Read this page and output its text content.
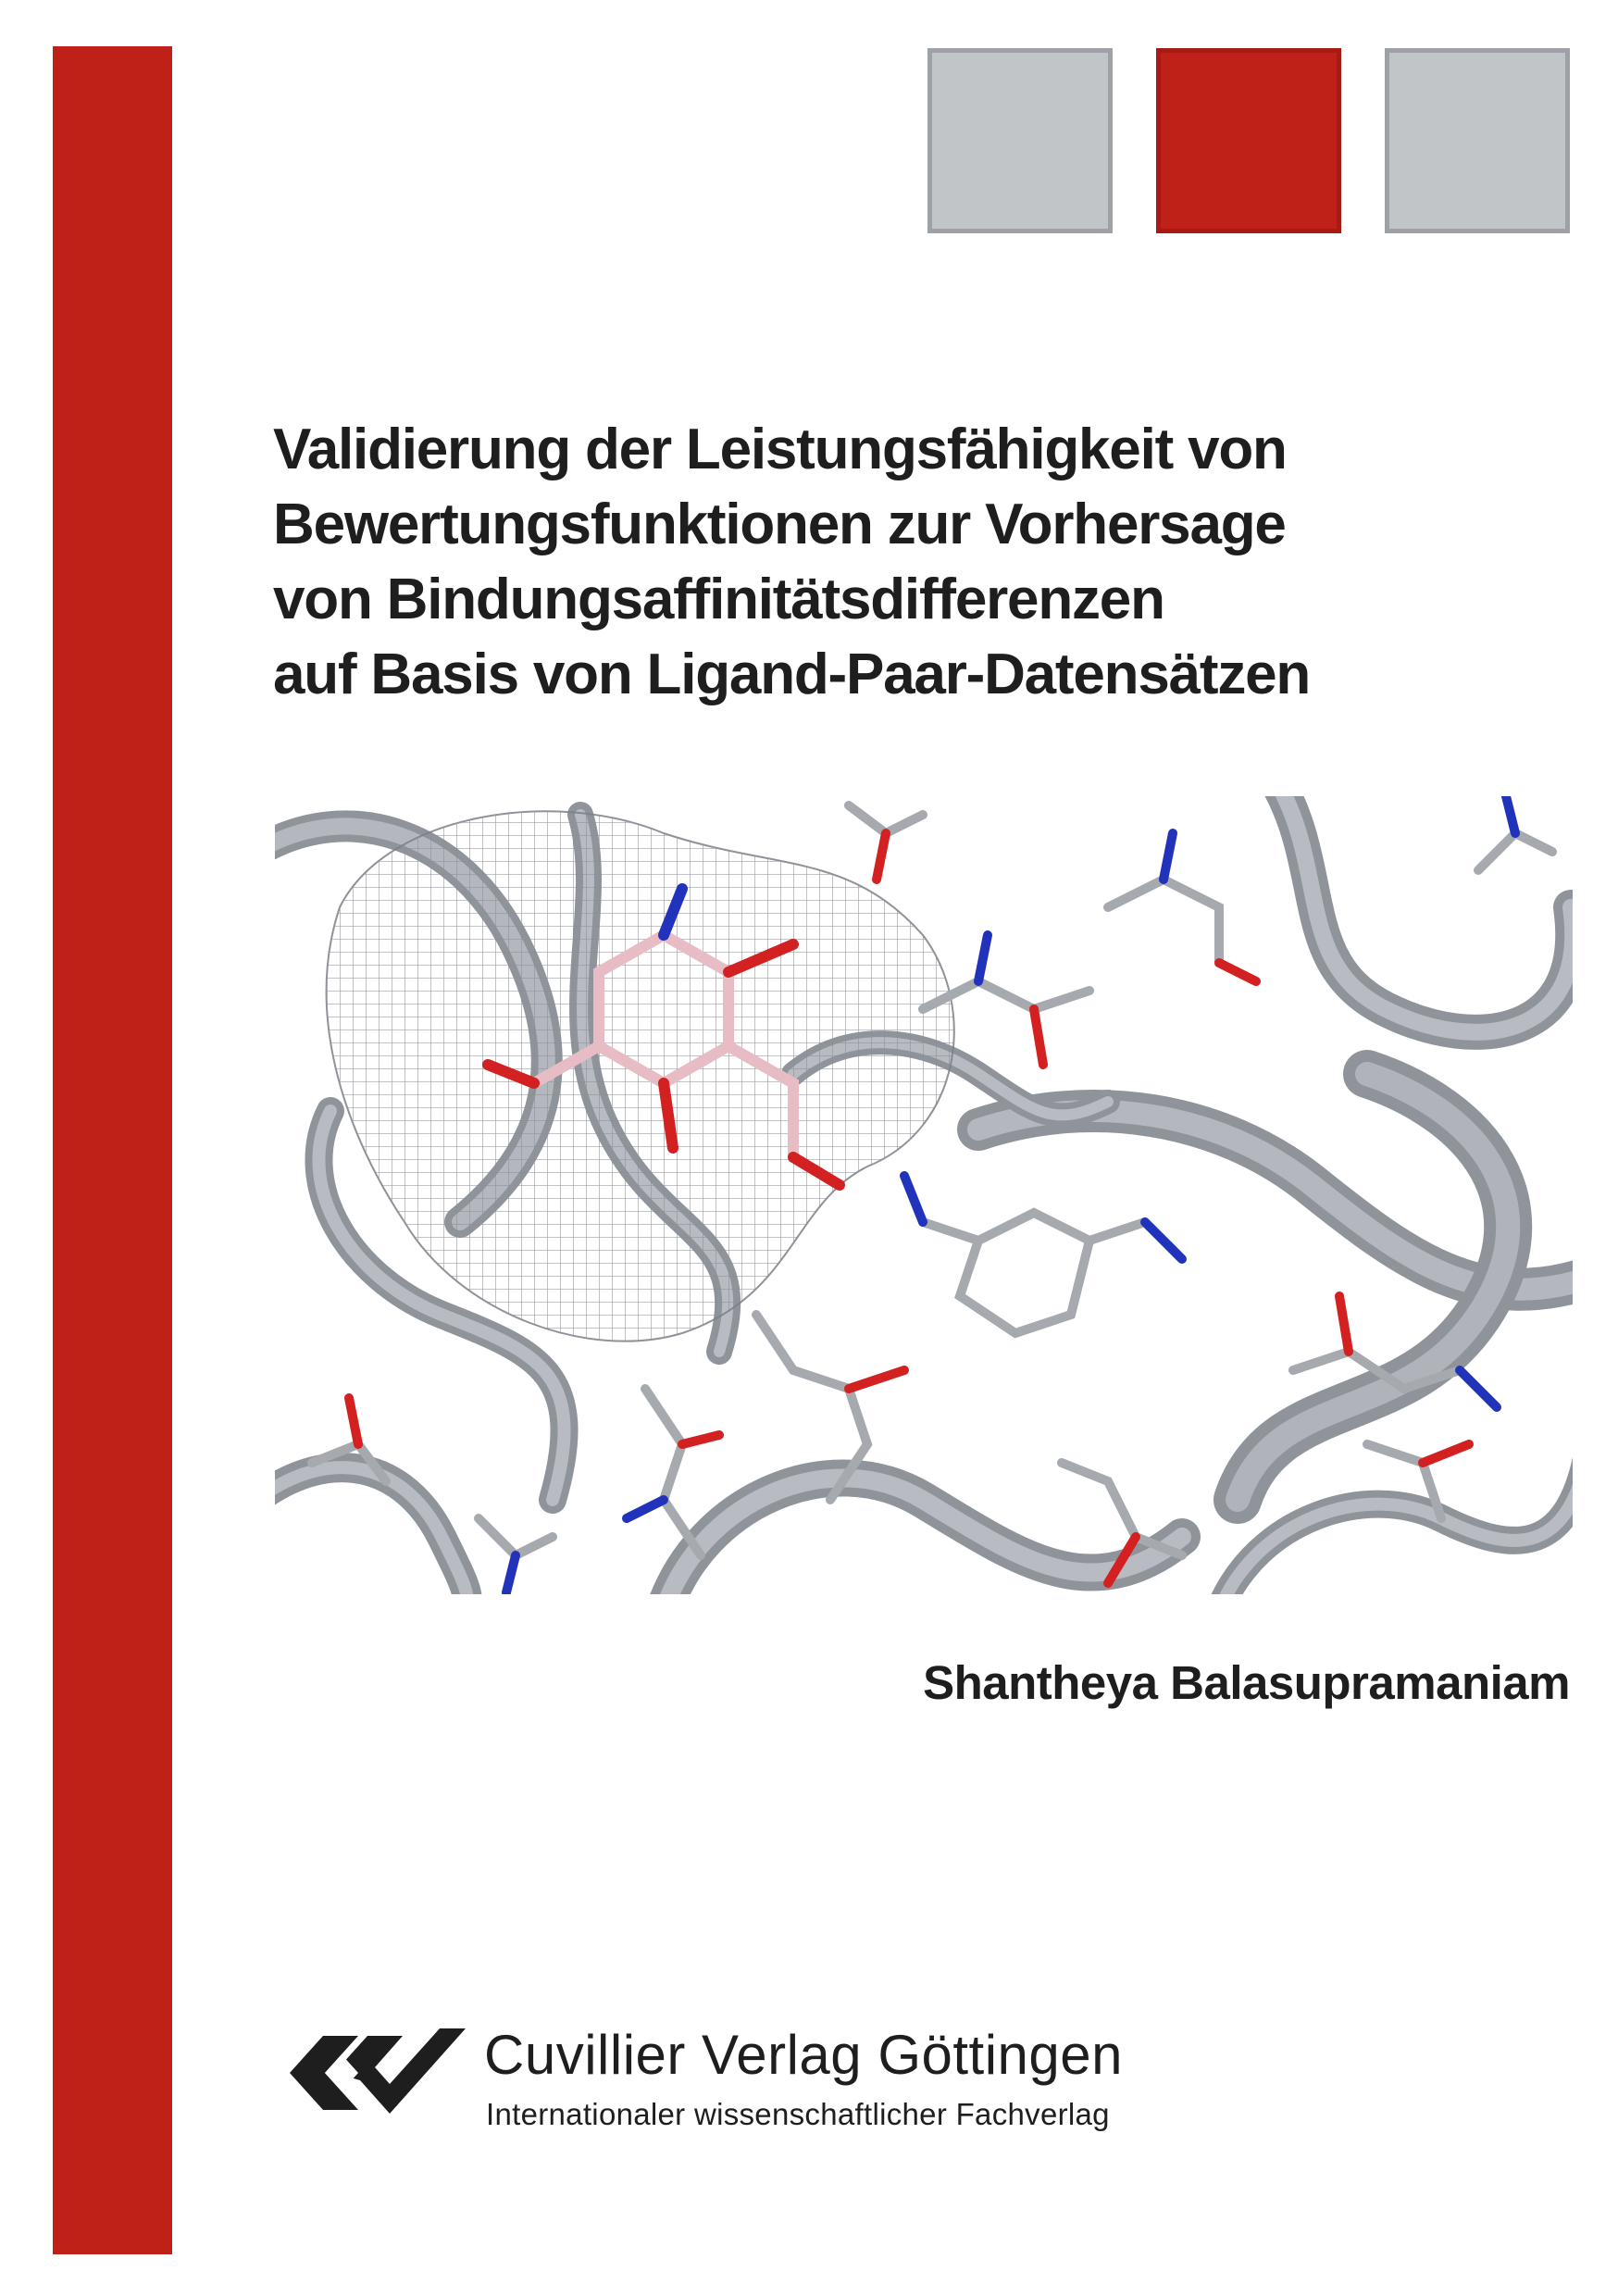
Validierung der Leistungsfähigkeit von
Bewertungsfunktionen zur Vorhersage
von Bindungsaffinitätsdifferenzen
auf Basis von Ligand-Paar-Datensätzen
Shantheya Balasupramaniam
Cuvillier Verlag Göttingen
Internationaler wissenschaftlicher Fachverlag
